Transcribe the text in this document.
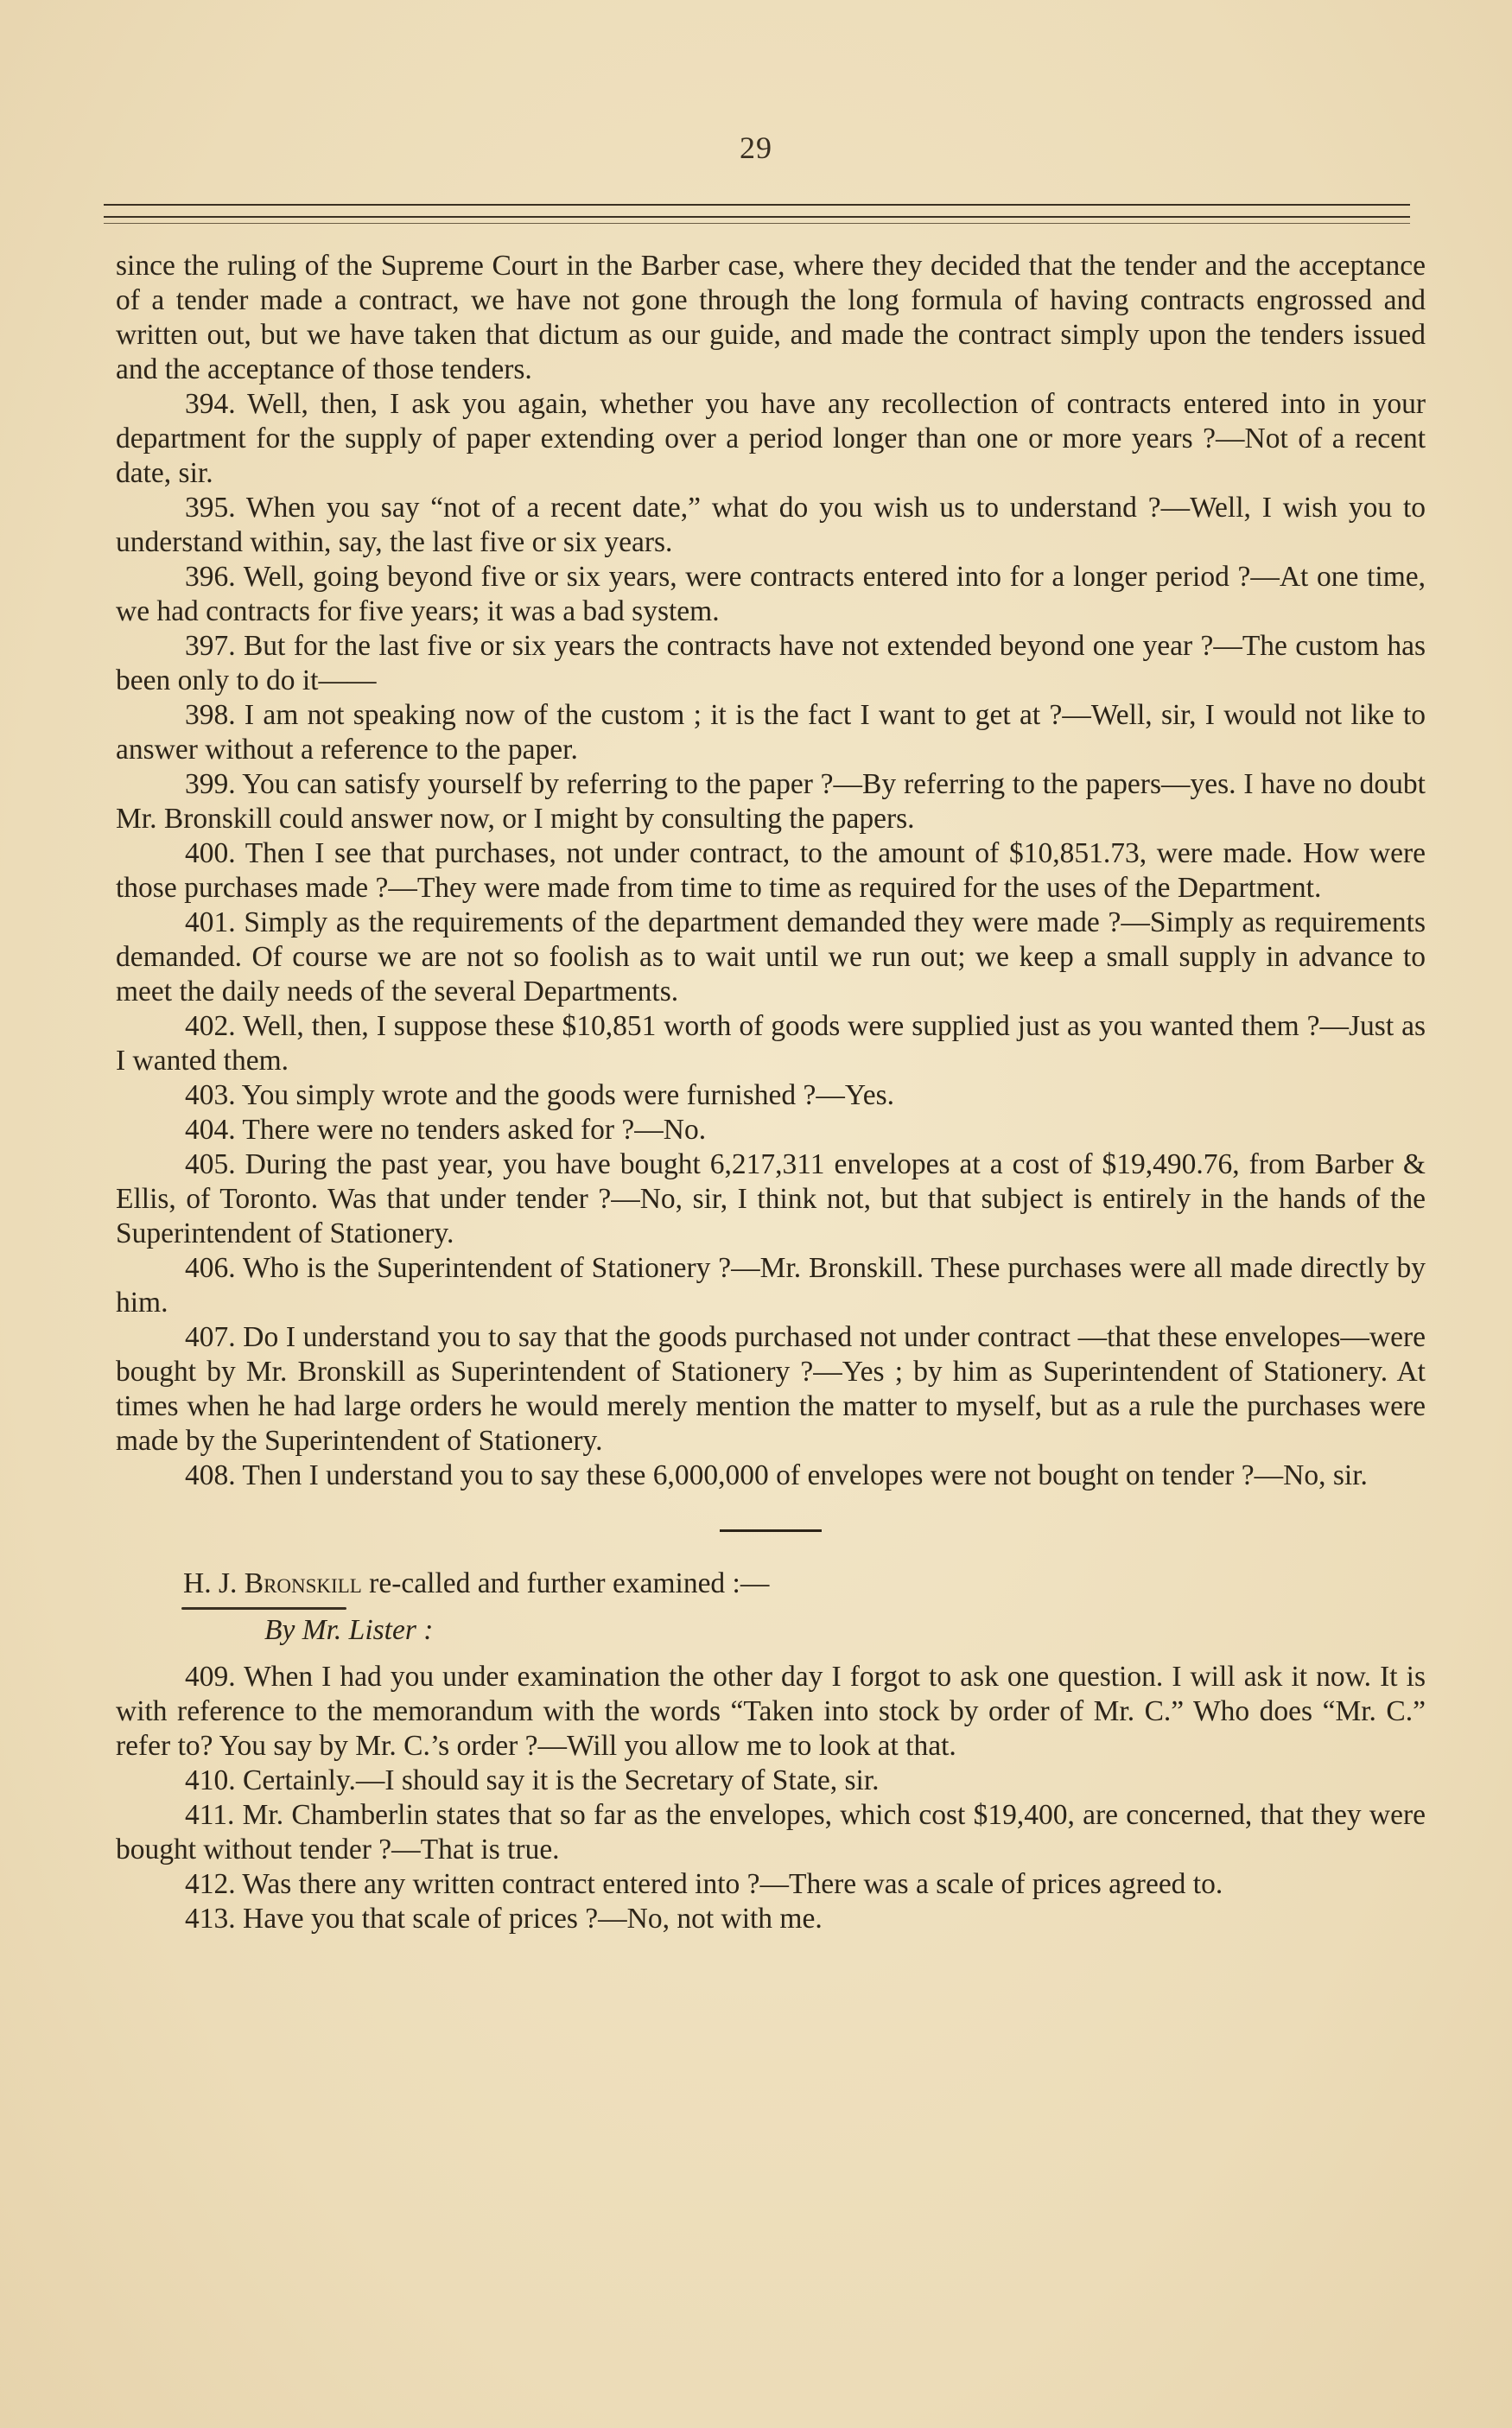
29

since the ruling of the Supreme Court in the Barber case, where they decided that the tender and the acceptance of a tender made a contract, we have not gone through the long formula of having contracts engrossed and written out, but we have taken that dictum as our guide, and made the contract simply upon the tenders issued and the acceptance of those tenders.

394. Well, then, I ask you again, whether you have any recollection of contracts entered into in your department for the supply of paper extending over a period longer than one or more years ?—Not of a recent date, sir.

395. When you say “not of a recent date,” what do you wish us to understand ?—Well, I wish you to understand within, say, the last five or six years.

396. Well, going beyond five or six years, were contracts entered into for a longer period ?—At one time, we had contracts for five years; it was a bad system.

397. But for the last five or six years the contracts have not extended beyond one year ?—The custom has been only to do it——

398. I am not speaking now of the custom ; it is the fact I want to get at ?—Well, sir, I would not like to answer without a reference to the paper.

399. You can satisfy yourself by referring to the paper ?—By referring to the papers—yes. I have no doubt Mr. Bronskill could answer now, or I might by consulting the papers.

400. Then I see that purchases, not under contract, to the amount of $10,851.73, were made. How were those purchases made ?—They were made from time to time as required for the uses of the Department.

401. Simply as the requirements of the department demanded they were made ?—Simply as requirements demanded. Of course we are not so foolish as to wait until we run out; we keep a small supply in advance to meet the daily needs of the several Departments.

402. Well, then, I suppose these $10,851 worth of goods were supplied just as you wanted them ?—Just as I wanted them.

403. You simply wrote and the goods were furnished ?—Yes.

404. There were no tenders asked for ?—No.

405. During the past year, you have bought 6,217,311 envelopes at a cost of $19,490.76, from Barber & Ellis, of Toronto. Was that under tender ?—No, sir, I think not, but that subject is entirely in the hands of the Superintendent of Stationery.

406. Who is the Superintendent of Stationery ?—Mr. Bronskill. These purchases were all made directly by him.

407. Do I understand you to say that the goods purchased not under contract —that these envelopes—were bought by Mr. Bronskill as Superintendent of Stationery ?—Yes ; by him as Superintendent of Stationery. At times when he had large orders he would merely mention the matter to myself, but as a rule the purchases were made by the Superintendent of Stationery.

408. Then I understand you to say these 6,000,000 of envelopes were not bought on tender ?—No, sir.

H. J. Bronskill re-called and further examined :—

By Mr. Lister :

409. When I had you under examination the other day I forgot to ask one question. I will ask it now. It is with reference to the memorandum with the words “Taken into stock by order of Mr. C.” Who does “Mr. C.” refer to? You say by Mr. C.’s order ?—Will you allow me to look at that.

410. Certainly.—I should say it is the Secretary of State, sir.

411. Mr. Chamberlin states that so far as the envelopes, which cost $19,400, are concerned, that they were bought without tender ?—That is true.

412. Was there any written contract entered into ?—There was a scale of prices agreed to.

413. Have you that scale of prices ?—No, not with me.
